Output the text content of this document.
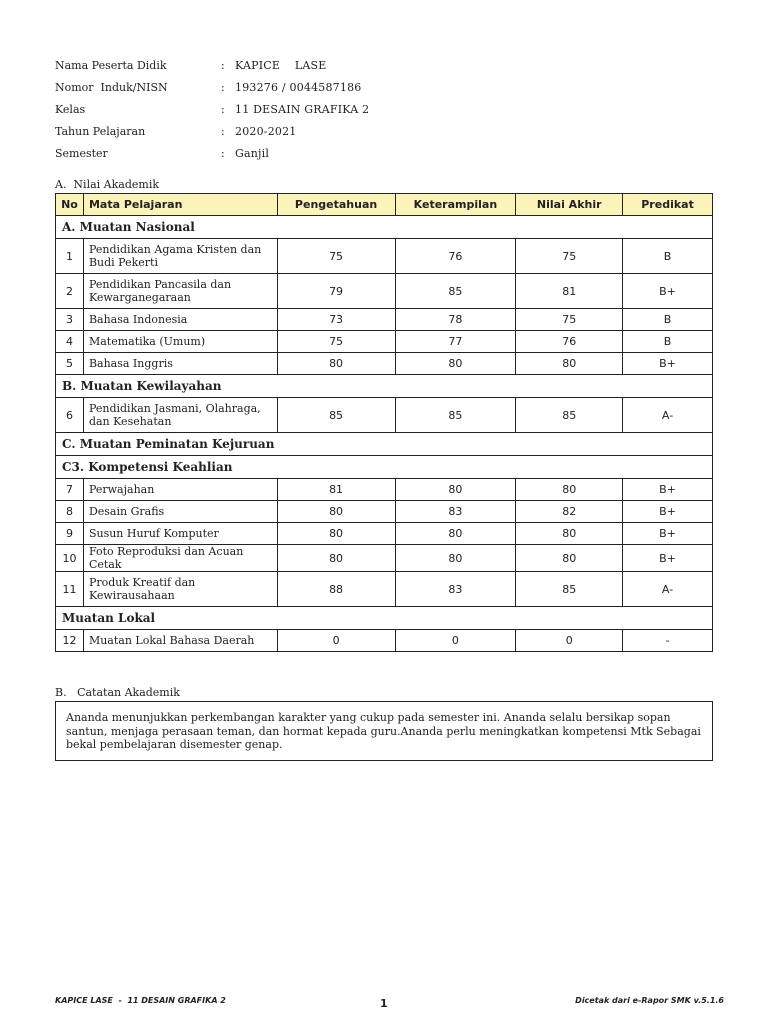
Nama Peserta Didik	: KAPICE    LASE
Nomor  Induk/NISN	: 193276 / 0044587186
Kelas	: 11 DESAIN GRAFIKA 2
Tahun Pelajaran	: 2020-2021
Semester	: Ganjil
A.  Nilai Akademik
No	Mata Pelajaran	Pengetahuan	Keterampilan	Nilai Akhir	Predikat
A. Muatan Nasional					
1	Pendidikan Agama Kristen dan Budi Pekerti	75	76	75	B
2	Pendidikan Pancasila dan Kewarganegaraan	79	85	81	B+
3	Bahasa Indonesia	73	78	75	B
4	Matematika (Umum)	75	77	76	B
5	Bahasa Inggris	80	80	80	B+
B. Muatan Kewilayahan					
6	Pendidikan Jasmani, Olahraga, dan Kesehatan	85	85	85	A-
C. Muatan Peminatan Kejuruan					
C3. Kompetensi Keahlian					
7	Perwajahan	81	80	80	B+
8	Desain Grafis	80	83	82	B+
9	Susun Huruf Komputer	80	80	80	B+
10	Foto Reproduksi dan Acuan Cetak	80	80	80	B+
11	Produk Kreatif dan Kewirausahaan	88	83	85	A-
Muatan Lokal					
12	Muatan Lokal Bahasa Daerah	0	0	0	-
B.   Catatan Akademik
Ananda menunjukkan perkembangan karakter yang cukup pada semester ini. Ananda selalu bersikap sopan santun, menjaga perasaan teman, dan hormat kepada guru.Ananda perlu meningkatkan kompetensi Mtk Sebagai bekal pembelajaran disemester genap.
KAPICE LASE  -  11 DESAIN GRAFIKA 2	1	Dicetak dari e-Rapor SMK v.5.1.6
